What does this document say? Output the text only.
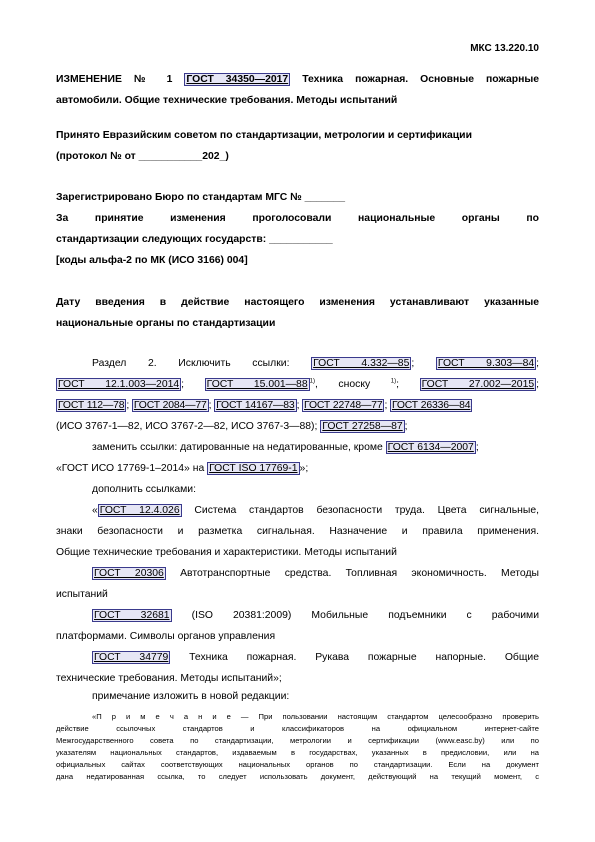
МКС 13.220.10
ИЗМЕНЕНИЕ № 1 ГОСТ 34350—2017 Техника пожарная. Основные пожарные
автомобили. Общие технические требования. Методы испытаний
Принято Евразийским советом по стандартизации, метрологии и сертификации
(протокол № от ___________202_)
Зарегистрировано Бюро по стандартам МГС № _______
За принятие изменения проголосовали национальные органы по
стандартизации следующих государств: ___________
[коды альфа-2 по МК (ИСО 3166) 004]
Дату введения в действие настоящего изменения устанавливают указанные
национальные органы по стандартизации
Раздел 2. Исключить ссылки: ГОСТ 4.332—85 ; ГОСТ 9.303—84 ;
ГОСТ 12.1.003—2014 ; ГОСТ 15.001—88 $^{1)}$, сноску	$^{1)}$; ГОСТ 27.002—2015 ;
ГОСТ 112—78 ; ГОСТ 2084—77 ; ГОСТ 14167—83 ; ГОСТ 22748—77 ; ГОСТ 26336—84
(ИСО 3767-1—82, ИСО 3767-2—82, ИСО 3767-3—88); ГОСТ 27258—87 ;
заменить ссылки: датированные на недатированные, кроме ГОСТ 6134—2007 ;
«ГОСТ ИСО 17769-1–2014» на ГОСТ ISO 17769-1 »;
дополнить ссылками:
« ГОСТ 12.4.026 Система стандартов безопасности труда. Цвета сигнальные,
знаки безопасности и разметка сигнальная. Назначение и правила применения.
Общие технические требования и характеристики. Методы испытаний
ГОСТ 20306 Автотранспортные средства. Топливная экономичность. Методы
испытаний
ГОСТ 32681 (ISO 20381:2009) Мобильные подъемники с рабочими
платформами. Символы органов управления
ГОСТ 34779 Техника пожарная. Рукава пожарные напорные. Общие
технические требования. Методы испытаний»;
примечание изложить в новой редакции:
«П р и м е ч а н и е — При пользовании настоящим стандартом целесообразно проверить
действие ссылочных стандартов и классификаторов на официальном интернет-сайте
Межгосударственного совета по стандартизации, метрологии и сертификации (www.easc.by) или по
указателям национальных стандартов, издаваемым в государствах, указанных в предисловии, или на
официальных сайтах соответствующих национальных органов по стандартизации. Если на документ
дана недатированная ссылка, то следует использовать документ, действующий на текущий момент, с
